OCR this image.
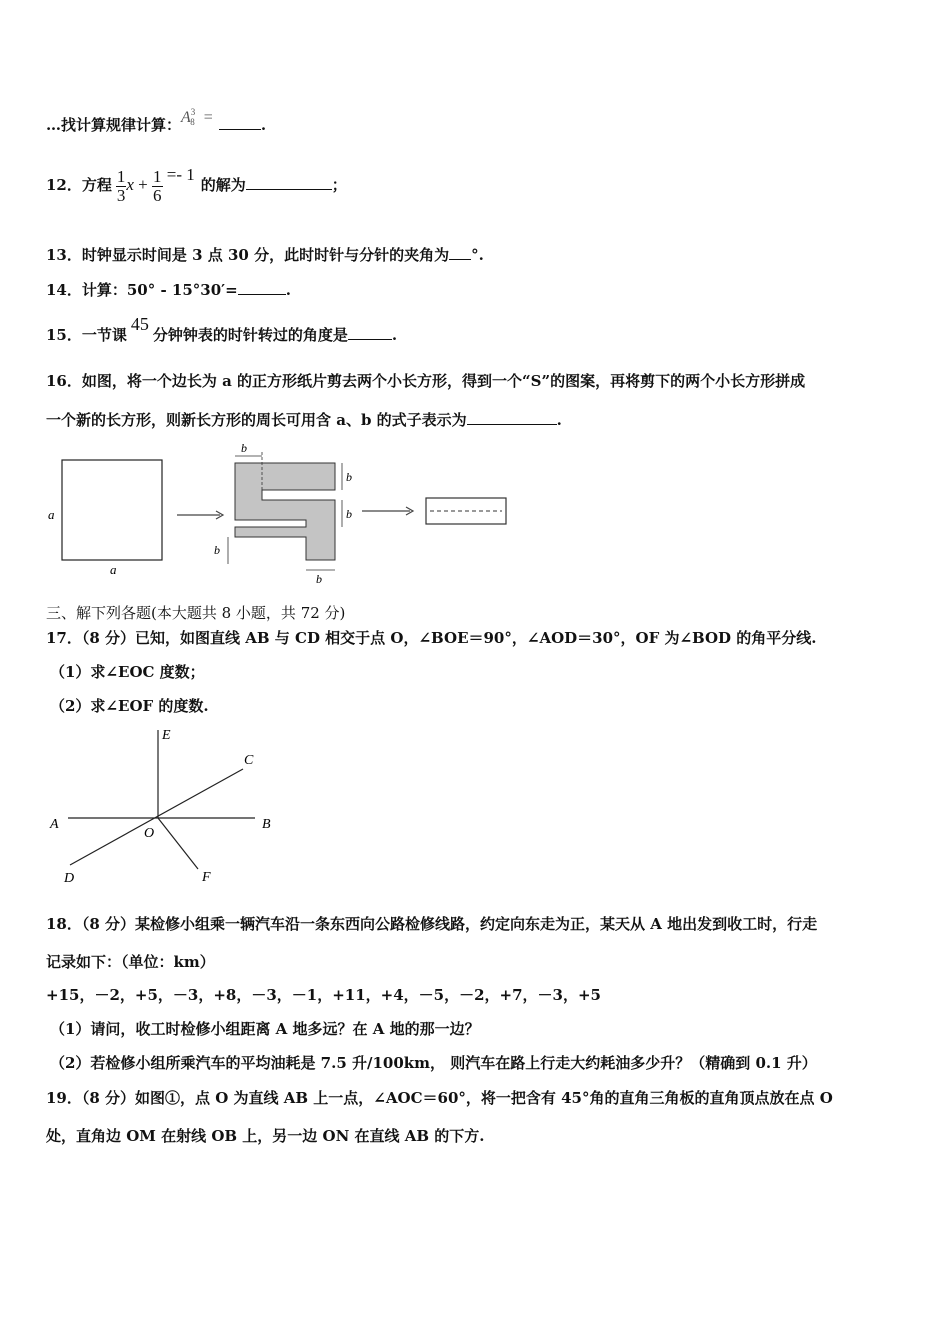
…找计算规律计算：$A^38$ =	.
12．方程 $\frac{1}{3}$ $x + \frac{1}{6} =- 1$的解为	；
13．时钟显示时间是 3 点 30 分，此时时针与分针的夹角为 °.
14．计算：50° - 15°30′=	.
15．一节课45分钟钟表的时针转过的角度是	.
16．如图，将一个边长为 a 的正方形纸片剪去两个小长方形，得到一个“S”的图案，再将剪下的两个小长方形拼成
一个新的长方形，则新长方形的周长可用含 a、b 的式子表示为	.
a
a
b
b
b
b
b
三、解下列各题(本大题共 8 小题，共 72 分)
17．（8 分）已知，如图直线 AB 与 CD 相交于点 O，∠BOE＝90°，∠AOD＝30°，OF 为∠BOD 的角平分线.
（1）求∠EOC 度数；
（2）求∠EOF 的度数.
E
C
A	B
O
D	F
18．（8 分）某检修小组乘一辆汽车沿一条东西向公路检修线路，约定向东走为正，某天从 A 地出发到收工时，行走
记录如下：（单位：km）
+15，－2，+5，－3，+8，－3，－1，+11，+4，－5，－2，+7，－3，+5
（1）请问，收工时检修小组距离 A 地多远？在 A 地的那一边？
（2）若检修小组所乘汽车的平均油耗是 7.5 升/100km， 则汽车在路上行走大约耗油多少升？（精确到 0.1 升）
19．（8 分）如图①，点 O 为直线 AB 上一点，∠AOC＝60°，将一把含有 45°角的直角三角板的直角顶点放在点 O
处，直角边 OM 在射线 OB 上，另一边 ON 在直线 AB 的下方.
